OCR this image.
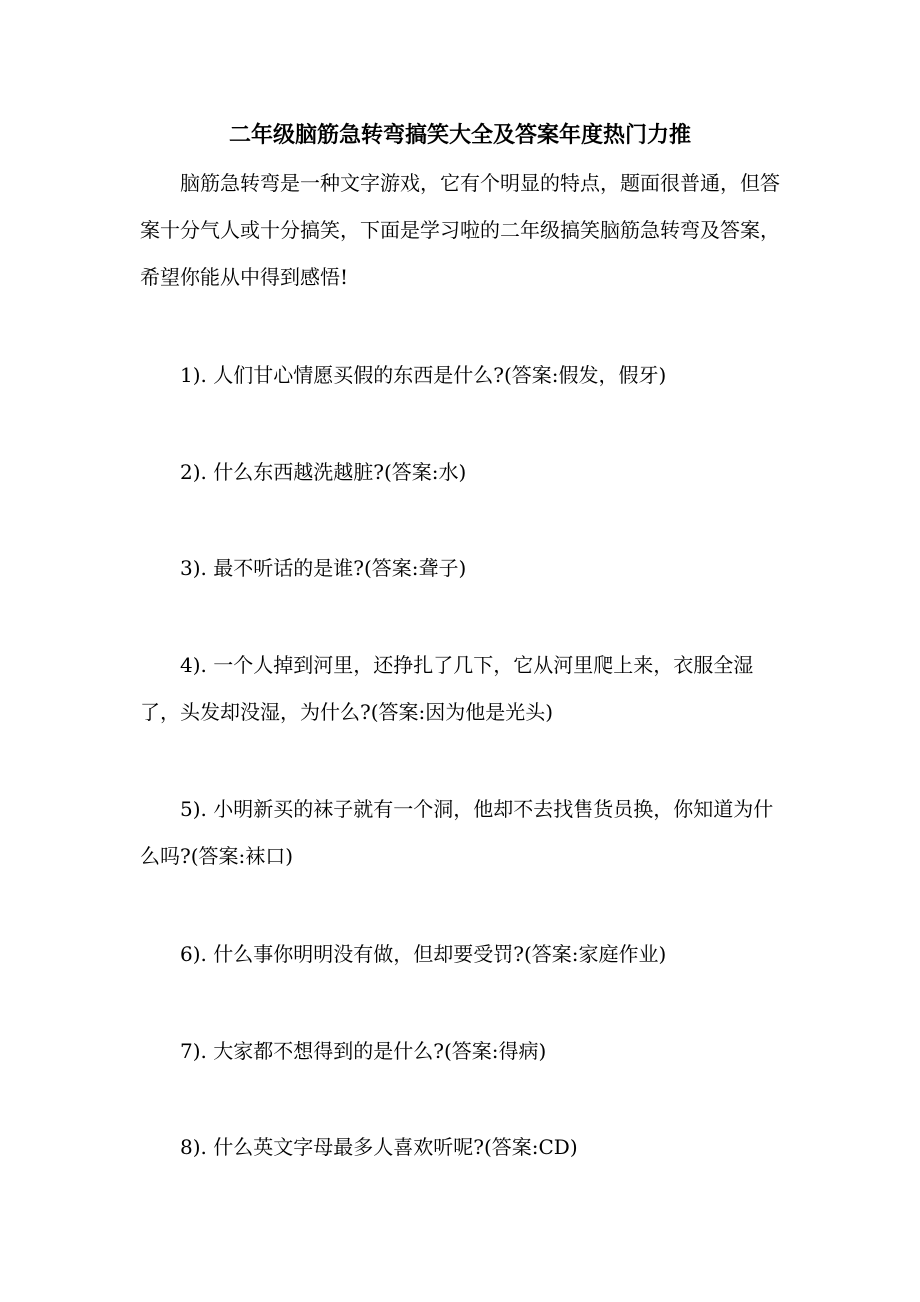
二年级脑筋急转弯搞笑大全及答案年度热门力推

脑筋急转弯是一种文字游戏，它有个明显的特点，题面很普通，但答案十分气人或十分搞笑，下面是学习啦的二年级搞笑脑筋急转弯及答案，希望你能从中得到感悟!

1). 人们甘心情愿买假的东西是什么?(答案:假发，假牙)

2). 什么东西越洗越脏?(答案:水)

3). 最不听话的是谁?(答案:聋子)

4). 一个人掉到河里，还挣扎了几下，它从河里爬上来，衣服全湿了，头发却没湿，为什么?(答案:因为他是光头)

5). 小明新买的袜子就有一个洞，他却不去找售货员换，你知道为什么吗?(答案:袜口)

6). 什么事你明明没有做，但却要受罚?(答案:家庭作业)

7). 大家都不想得到的是什么?(答案:得病)

8). 什么英文字母最多人喜欢听呢?(答案:CD)
